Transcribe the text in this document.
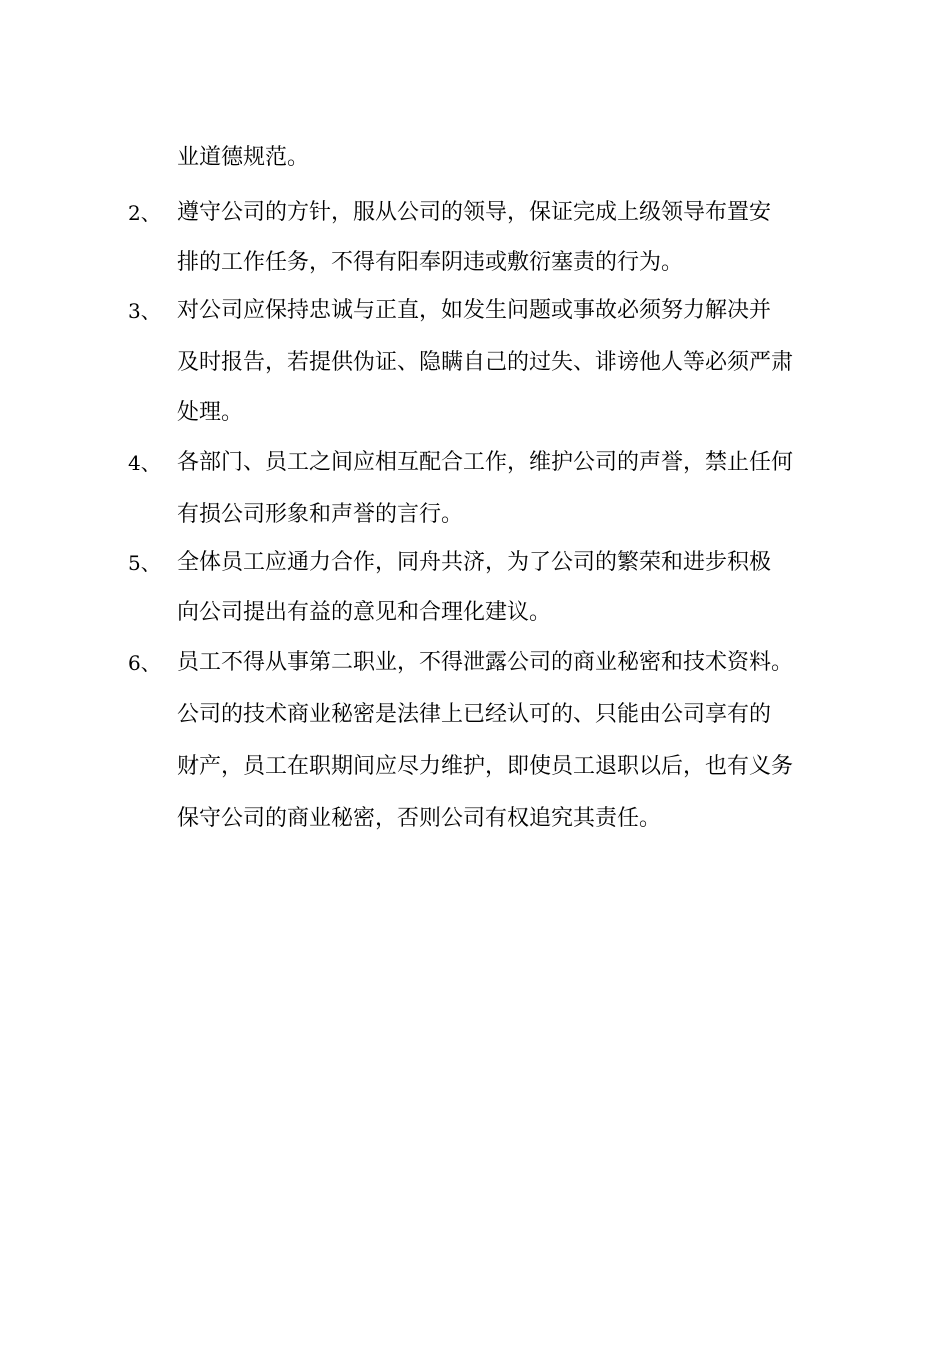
业道德规范。
2、 遵守公司的方针，服从公司的领导，保证完成上级领导布置安
排的工作任务，不得有阳奉阴违或敷衍塞责的行为。
3、 对公司应保持忠诚与正直，如发生问题或事故必须努力解决并
及时报告，若提供伪证、隐瞒自己的过失、诽谤他人等必须严肃
处理。
4、 各部门、员工之间应相互配合工作，维护公司的声誉，禁止任何
有损公司形象和声誉的言行。
5、 全体员工应通力合作，同舟共济，为了公司的繁荣和进步积极
向公司提出有益的意见和合理化建议。
6、 员工不得从事第二职业，不得泄露公司的商业秘密和技术资料。
公司的技术商业秘密是法律上已经认可的、只能由公司享有的
财产，员工在职期间应尽力维护，即使员工退职以后，也有义务
保守公司的商业秘密，否则公司有权追究其责任。
